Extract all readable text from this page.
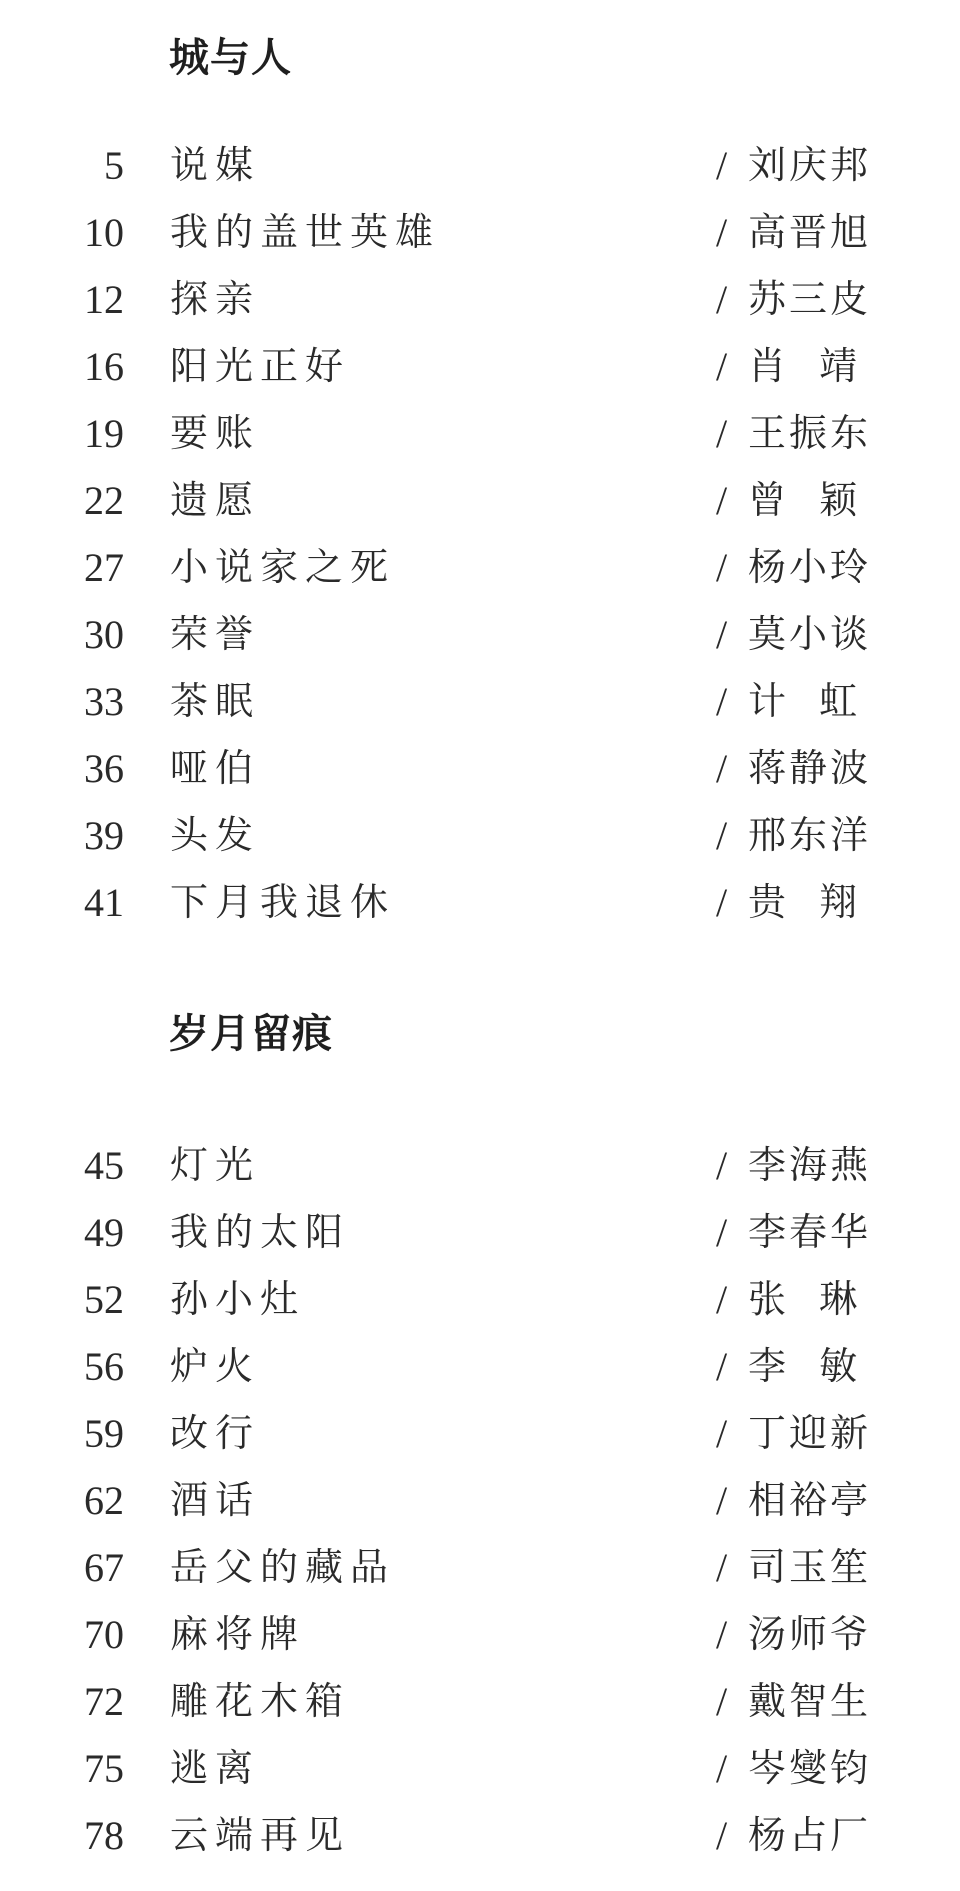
城与人
5 说媒	/ 刘庆邦
10 我的盖世英雄	/ 高晋旭
12 探亲	/ 苏三皮
16 阳光正好	/ 肖  靖
19 要账	/ 王振东
22 遗愿	/ 曾  颖
27 小说家之死	/ 杨小玲
30 荣誉	/ 莫小谈
33 茶眠	/ 计  虹
36 哑伯	/ 蒋静波
39 头发	/ 邢东洋
41 下月我退休	/ 贵  翔
岁月留痕
45 灯光	/ 李海燕
49 我的太阳	/ 李春华
52 孙小灶	/ 张  琳
56 炉火	/ 李  敏
59 改行	/ 丁迎新
62 酒话	/ 相裕亭
67 岳父的藏品	/ 司玉笙
70 麻将牌	/ 汤师爷
72 雕花木箱	/ 戴智生
75 逃离	/ 岑燮钧
78 云端再见	/ 杨占厂
